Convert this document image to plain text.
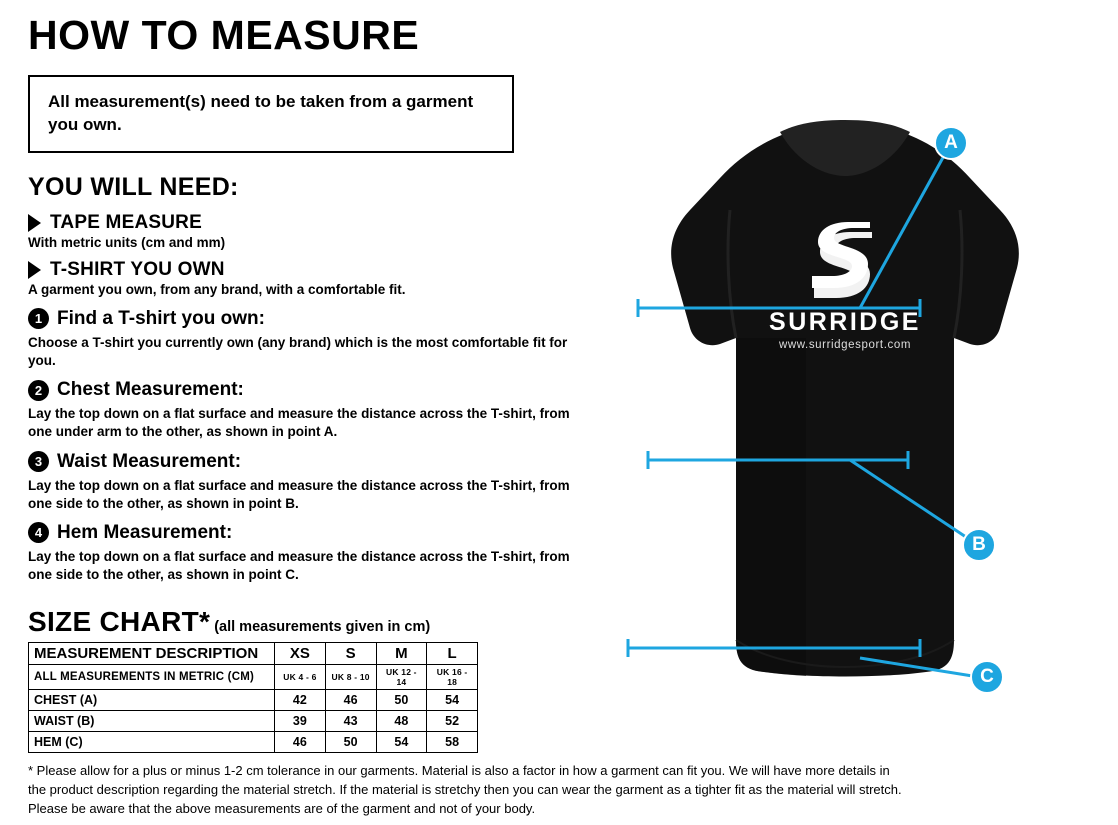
HOW TO MEASURE

All measurement(s) need to be taken from a garment you own.

YOU WILL NEED:
TAPE MEASURE
With metric units (cm and mm)
T-SHIRT YOU OWN
A garment you own, from any brand, with a comfortable fit.
1 Find a T-shirt you own:

Choose a T-shirt you currently own (any brand) which is the most comfortable fit for you.

2 Chest Measurement:

Lay the top down on a flat surface and measure the distance across the T-shirt, from one under arm to the other, as shown in point A.

3 Waist Measurement:

Lay the top down on a flat surface and measure the distance across the T-shirt, from one side to the other, as shown in point B.

4 Hem Measurement:

Lay the top down on a flat surface and measure the distance across the T-shirt, from one side to the other, as shown in point C.

SIZE CHART* (all measurements given in cm)
MEASUREMENT DESCRIPTION	XS	S	M	L
ALL MEASUREMENTS IN METRIC (CM)	UK 4 - 6	UK 8 - 10	UK 12 - 14	UK 16 - 18
CHEST (A)	42	46	50	54
WAIST (B)	39	43	48	52
HEM (C)	46	50	54	58

* Please allow for a plus or minus 1-2 cm tolerance in our garments. Material is also a factor in how a garment can fit you. We will have more details in the product description regarding the material stretch. If the material is stretchy then you can wear the garment as a tighter fit as the material will stretch. Please be aware that the above measurements are of the garment and not of your body.

SURRIDGE
www.surridgesport.com
A
B
C
